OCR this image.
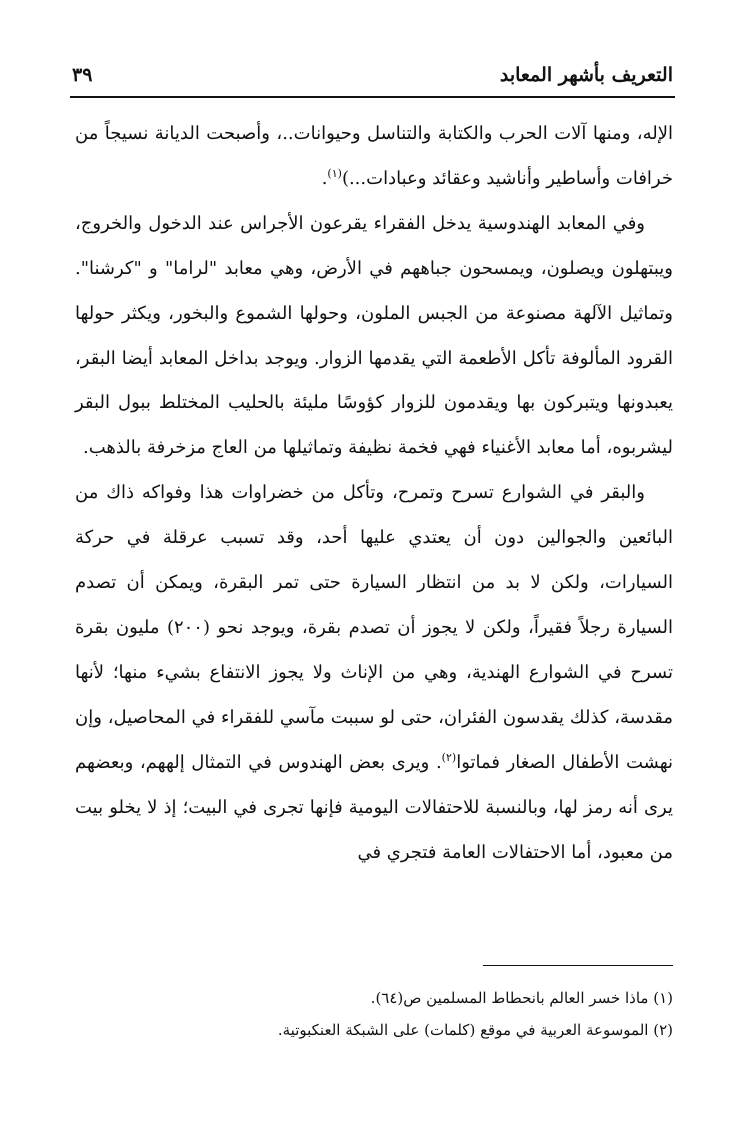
التعريف بأشهر المعابد
٣٩

الإله، ومنها آلات الحرب والكتابة والتناسل وحيوانات..، وأصبحت الديانة نسيجاً من خرافات وأساطير وأناشيد وعقائد وعبادات...)$^{(١)}$.

وفي المعابد الهندوسية يدخل الفقراء يقرعون الأجراس عند الدخول والخروج، ويبتهلون ويصلون، ويمسحون جباههم في الأرض، وهي معابد "لراما" و "كرشنا". وتماثيل الآلهة مصنوعة من الجبس الملون، وحولها الشموع والبخور، ويكثر حولها القرود المألوفة تأكل الأطعمة التي يقدمها الزوار. ويوجد بداخل المعابد أيضا البقر، يعبدونها ويتبركون بها ويقدمون للزوار كؤوسًا مليئة بالحليب المختلط ببول البقر ليشربوه، أما معابد الأغنياء فهي فخمة نظيفة وتماثيلها من العاج مزخرفة بالذهب.

والبقر في الشوارع تسرح وتمرح، وتأكل من خضراوات هذا وفواكه ذاك من البائعين والجوالين دون أن يعتدي عليها أحد، وقد تسبب عرقلة في حركة السيارات، ولكن لا بد من انتظار السيارة حتى تمر البقرة، ويمكن أن تصدم السيارة رجلاً فقيراً، ولكن لا يجوز أن تصدم بقرة، ويوجد نحو (٢٠٠) مليون بقرة تسرح في الشوارع الهندية، وهي من الإناث ولا يجوز الانتفاع بشيء منها؛ لأنها مقدسة، كذلك يقدسون الفئران، حتى لو سببت مآسي للفقراء في المحاصيل، وإن نهشت الأطفال الصغار فماتوا$^{(٢)}$. ويرى بعض الهندوس في التمثال إلههم، وبعضهم يرى أنه رمز لها، وبالنسبة للاحتفالات اليومية فإنها تجرى في البيت؛ إذ لا يخلو بيت من معبود، أما الاحتفالات العامة فتجري في

(١) ماذا خسر العالم بانحطاط المسلمين ص(٦٤).

(٢) الموسوعة العربية في موقع (كلمات) على الشبكة العنكبوتية.
